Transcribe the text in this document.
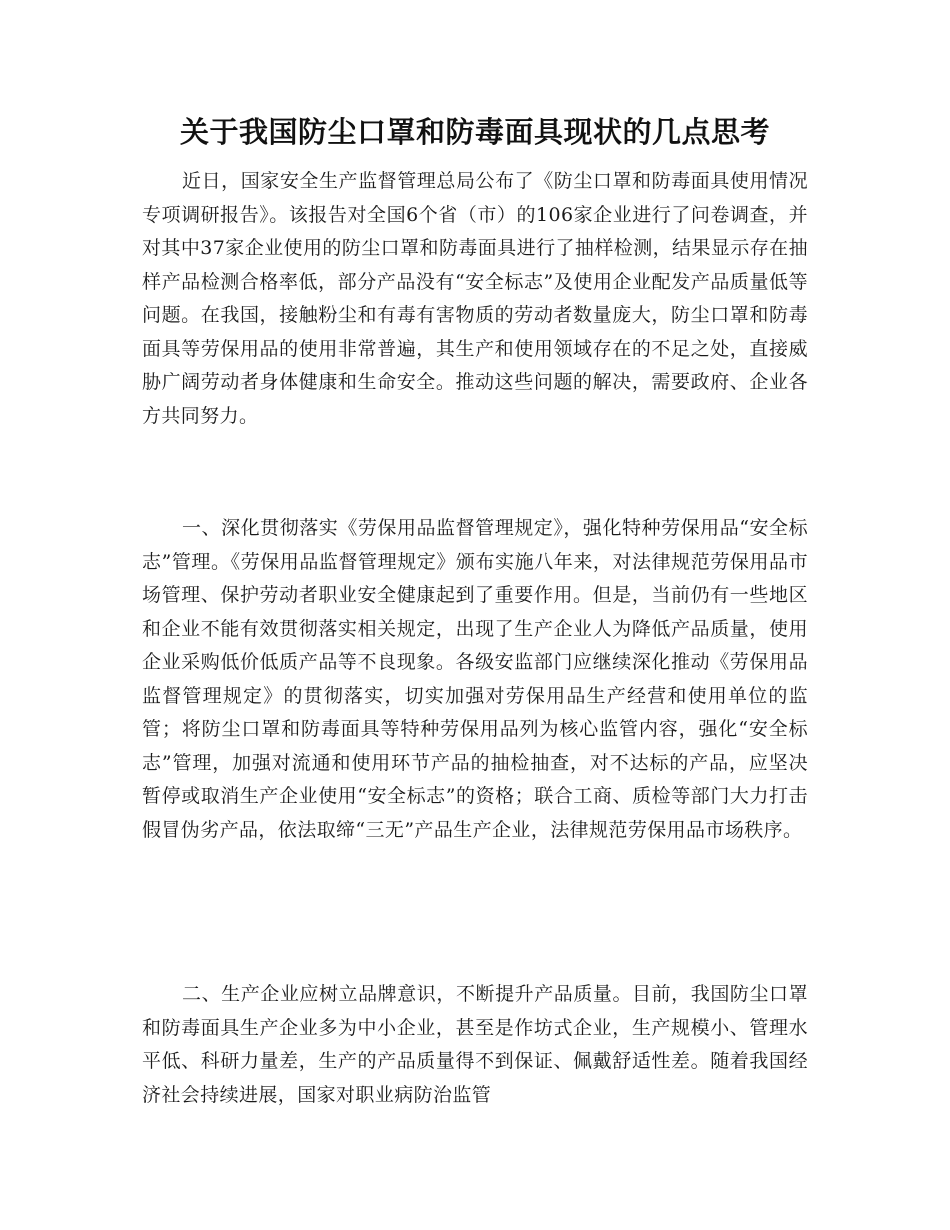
关于我国防尘口罩和防毒面具现状的几点思考

近日，国家安全生产监督管理总局公布了《防尘口罩和防毒面具使用情况专项调研报告》。该报告对全国6个省（市）的106家企业进行了问卷调查，并对其中37家企业使用的防尘口罩和防毒面具进行了抽样检测，结果显示存在抽样产品检测合格率低，部分产品没有“安全标志”及使用企业配发产品质量低等问题。在我国，接触粉尘和有毒有害物质的劳动者数量庞大，防尘口罩和防毒面具等劳保用品的使用非常普遍，其生产和使用领域存在的不足之处，直接威胁广阔劳动者身体健康和生命安全。推动这些问题的解决，需要政府、企业各方共同努力。

一、深化贯彻落实《劳保用品监督管理规定》，强化特种劳保用品“安全标志”管理。《劳保用品监督管理规定》颁布实施八年来，对法律规范劳保用品市场管理、保护劳动者职业安全健康起到了重要作用。但是，当前仍有一些地区和企业不能有效贯彻落实相关规定，出现了生产企业人为降低产品质量，使用企业采购低价低质产品等不良现象。各级安监部门应继续深化推动《劳保用品监督管理规定》的贯彻落实，切实加强对劳保用品生产经营和使用单位的监管；将防尘口罩和防毒面具等特种劳保用品列为核心监管内容，强化“安全标志”管理，加强对流通和使用环节产品的抽检抽查，对不达标的产品，应坚决暂停或取消生产企业使用“安全标志”的资格；联合工商、质检等部门大力打击假冒伪劣产品，依法取缔“三无”产品生产企业，法律规范劳保用品市场秩序。

二、生产企业应树立品牌意识，不断提升产品质量。目前，我国防尘口罩和防毒面具生产企业多为中小企业，甚至是作坊式企业，生产规模小、管理水平低、科研力量差，生产的产品质量得不到保证、佩戴舒适性差。随着我国经济社会持续进展，国家对职业病防治监管
